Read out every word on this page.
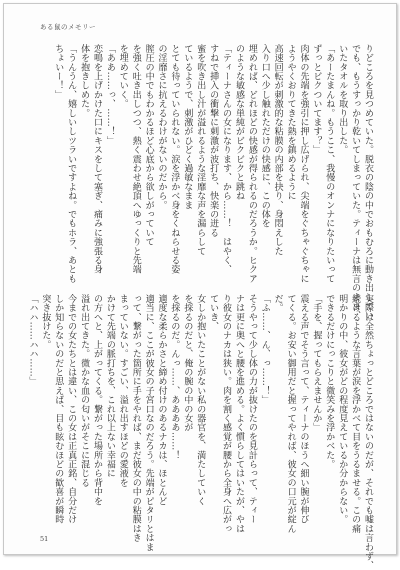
ある鼠のメモリー
りどころを見つめていた。脱衣の陰の中でおもむろに動き出してい
でも、もうすっかり乾いてしまっていた。ティーナは無言のまま、
いたタオルを取り出した。
「あーたまんね。もうここ、我慢のオンナになりたいって
ずっとビクついてます？」
肉体の先端を強引に押し広げられ、尖端をぐちゃぐちゃに
ようやくおりてきた熱を鎮めるように
高速回転が刺激的な粘膜の内部を抉り、身悶えした
入り口へ少し触れただけの快感に、この体を
埋めれば、どれほどの快感が得られるのだろうか。ヒクア
のような敏感な単純がビクビクと跳ね
「ティーナさんの女になります、から……！　はやく、
すねで挿入の衝撃に刺激が波打ち、快楽の迸る
蜜を吹き出し汁が溢れるような淫靡な声を漏らして
ているようで、刺激がひどく過敏なまま
とても待っていられない。涙を浮かべ身をくねらせる姿
の淫靡さに抗えるわけがないのだから。
膣圧の中でもわかるほど心底から欲しがっていて
を強く吐き出しつつ、熱く震わせ絶頂へゆっくりと先端
を埋めていく。
「ああ……っ、……！」
恋鳴を上げかけた口にキスをして塞ぎ、痛みに強張る身
体を抱きしめた。
「うんうん、嬉しいしツラいですよね。でもホラ、あとも
ちょいー！」
実際は全然ちょっとどころではないのだが、それでも嘘は言わず、
続けるような言葉が涙を浮かべて目をうるませる。この痛
明かりの中、彼女がどの程度見えているか分からない。
できるだけにっこりと微笑みを浮かべた。
「手を、握ってもらえませんか」
震える声でそう言って、ティーナのほうへ細い腕が伸び
てくる。お安い御用だと握ってやれば、彼女の口元が綻ん
だ。
「ふ……、ん、っ……！」
そうやって少し体の力が抜けたのを見計らって、ティー
ナは更に奥へと腰を進める。よく慣らしてはいたが、やは
り彼女のナカは狭い。肉を割く感覚が腰から全身へ広がっ
ていき、
女しか抱いたことがない私の器官を、満たしていく
を採るのだと、俺の腕の中の女が
を採るのだ。んっ……、ああああ……！
適度な柔らかさと締め付けのあるナカは、ほとんど
適当に、ここが彼女の子宮口なのだろう。先端がピタリとはま
って、繋がった箇所に手をやれば、まだ彼女の中の粘膜はき
まっていない。すごい、溢れ出すほどの愛液を
かけて先端の脈打ちを、これ以上ない幸福に
の方へと、上がってくる。繋がった場所から背中を
溢れ出てきた。微かな血の匂いがそこに混じる
今までの女たちとは違い、この女は正真正銘、自分だけ
しか知らないのだと思えば、目も眩むほどの歓喜が瞬時
突き抜けた。
「ハハ……ハハ……」
51
